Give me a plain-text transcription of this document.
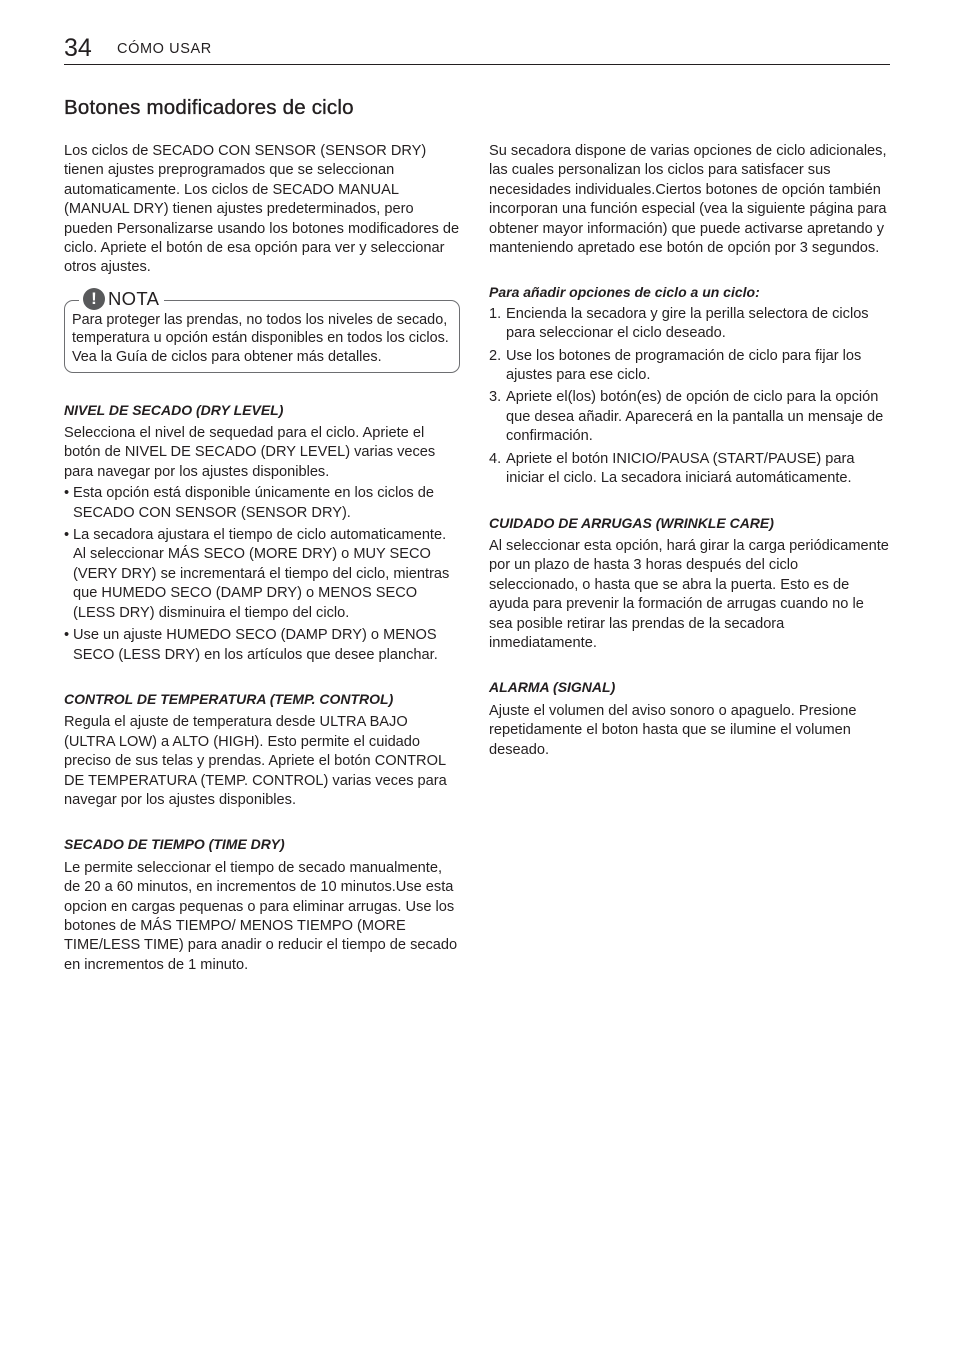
34 CÓMO USAR
Botones modificadores de ciclo

Los ciclos de SECADO CON SENSOR (SENSOR DRY) tienen ajustes preprogramados que se seleccionan automaticamente. Los ciclos de SECADO MANUAL (MANUAL DRY) tienen ajustes predeterminados, pero pueden Personalizarse usando los botones modificadores de ciclo. Apriete el botón de esa opción para ver y seleccionar otros ajustes.

! NOTA

Para proteger las prendas, no todos los niveles de secado, temperatura u opción están disponibles en todos los ciclos. Vea la Guía de ciclos para obtener más detalles.

NIVEL DE SECADO (DRY LEVEL)

Selecciona el nivel de sequedad para el ciclo. Apriete el botón de NIVEL DE SECADO (DRY LEVEL) varias veces para navegar por los ajustes disponibles.

• Esta opción está disponible únicamente en los ciclos de SECADO CON SENSOR (SENSOR DRY).
• La secadora ajustara el tiempo de ciclo automaticamente. Al seleccionar MÁS SECO (MORE DRY) o MUY SECO (VERY DRY) se incrementará el tiempo del ciclo, mientras que HUMEDO SECO (DAMP DRY) o MENOS SECO (LESS DRY) disminuira el tiempo del ciclo.
• Use un ajuste HUMEDO SECO (DAMP DRY) o MENOS SECO (LESS DRY) en los artículos que desee planchar.

CONTROL DE TEMPERATURA (TEMP. CONTROL)

Regula el ajuste de temperatura desde ULTRA BAJO (ULTRA LOW) a ALTO (HIGH). Esto permite el cuidado preciso de sus telas y prendas. Apriete el botón CONTROL DE TEMPERATURA (TEMP. CONTROL) varias veces para navegar por los ajustes disponibles.

SECADO DE TIEMPO (TIME DRY)

Le permite seleccionar el tiempo de secado manualmente, de 20 a 60 minutos, en incrementos de 10 minutos.Use esta opcion en cargas pequenas o para eliminar arrugas. Use los botones de MÁS TIEMPO/ MENOS TIEMPO (MORE TIME/LESS TIME) para anadir o reducir el tiempo de secado en incrementos de 1 minuto.

Su secadora dispone de varias opciones de ciclo adicionales, las cuales personalizan los ciclos para satisfacer sus necesidades individuales.Ciertos botones de opción también incorporan una función especial (vea la siguiente página para obtener mayor información) que puede activarse apretando y manteniendo apretado ese botón de opción por 3 segundos.

Para añadir opciones de ciclo a un ciclo:

1. Encienda la secadora y gire la perilla selectora de ciclos para seleccionar el ciclo deseado.
2. Use los botones de programación de ciclo para fijar los ajustes para ese ciclo.
3. Apriete el(los) botón(es) de opción de ciclo para la opción que desea añadir. Aparecerá en la pantalla un mensaje de confirmación.
4. Apriete el botón INICIO/PAUSA (START/PAUSE) para iniciar el ciclo. La secadora iniciará automáticamente.

CUIDADO DE ARRUGAS (WRINKLE CARE)

Al seleccionar esta opción, hará girar la carga periódicamente por un plazo de hasta 3 horas después del ciclo seleccionado, o hasta que se abra la puerta. Esto es de ayuda para prevenir la formación de arrugas cuando no le sea posible retirar las prendas de la secadora inmediatamente.

ALARMA (SIGNAL)

Ajuste el volumen del aviso sonoro o apaguelo. Presione repetidamente el boton hasta que se ilumine el volumen deseado.
